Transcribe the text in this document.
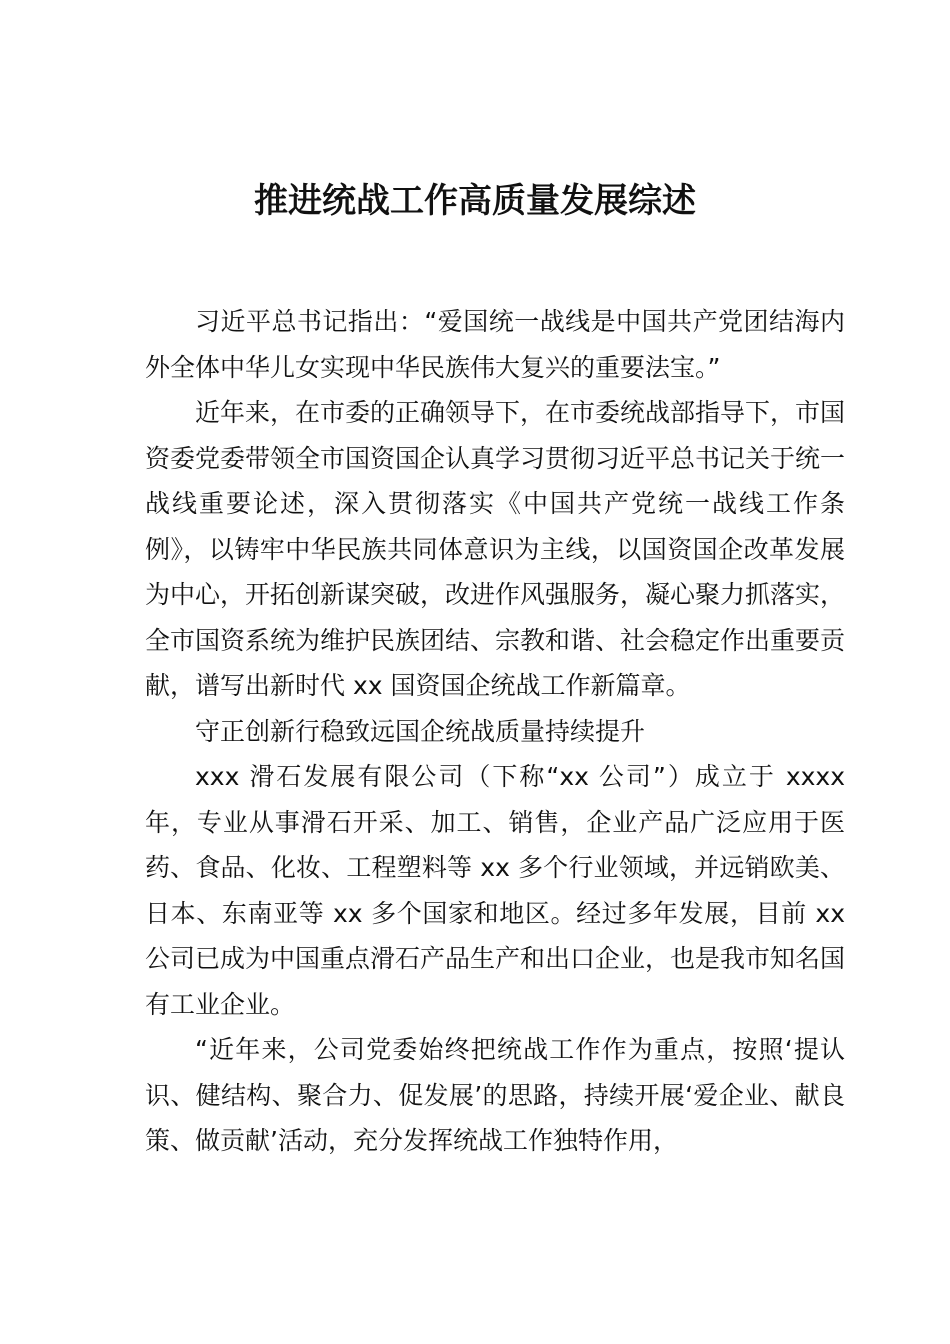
推进统战工作高质量发展综述

习近平总书记指出：“爱国统一战线是中国共产党团结海内外全体中华儿女实现中华民族伟大复兴的重要法宝。”

近年来，在市委的正确领导下，在市委统战部指导下，市国资委党委带领全市国资国企认真学习贯彻习近平总书记关于统一战线重要论述，深入贯彻落实《中国共产党统一战线工作条例》，以铸牢中华民族共同体意识为主线，以国资国企改革发展为中心，开拓创新谋突破，改进作风强服务，凝心聚力抓落实，全市国资系统为维护民族团结、宗教和谐、社会稳定作出重要贡献，谱写出新时代 xx 国资国企统战工作新篇章。

守正创新行稳致远国企统战质量持续提升

xxx 滑石发展有限公司（下称“xx 公司”）成立于 xxxx 年，专业从事滑石开采、加工、销售，企业产品广泛应用于医药、食品、化妆、工程塑料等 xx 多个行业领域，并远销欧美、日本、东南亚等 xx 多个国家和地区。经过多年发展，目前 xx 公司已成为中国重点滑石产品生产和出口企业，也是我市知名国有工业企业。

“近年来，公司党委始终把统战工作作为重点，按照‘提认识、健结构、聚合力、促发展’的思路，持续开展‘爱企业、献良策、做贡献’活动，充分发挥统战工作独特作用，
